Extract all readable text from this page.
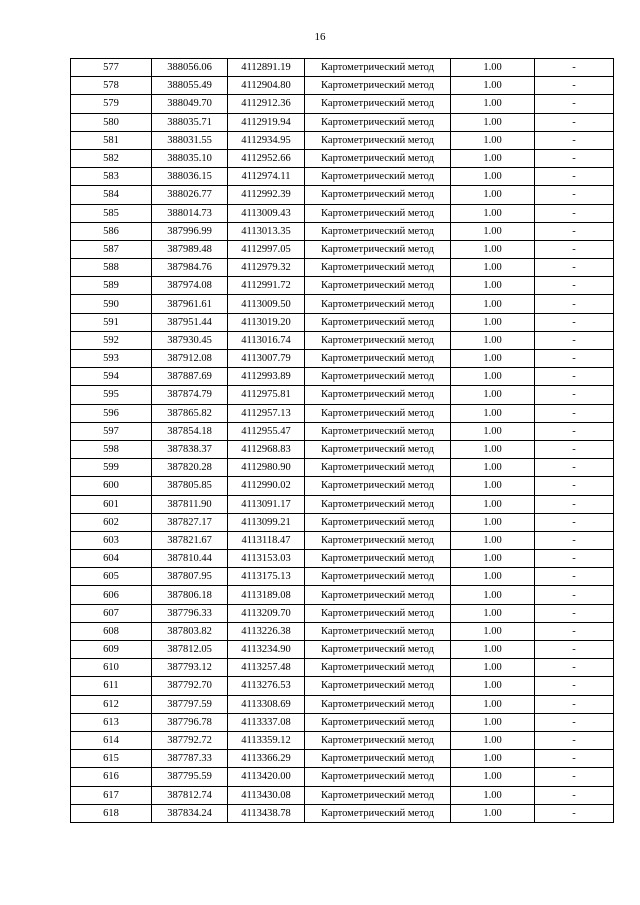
16
577	388056.06	4112891.19	Картометрический метод	1.00	-
578	388055.49	4112904.80	Картометрический метод	1.00	-
579	388049.70	4112912.36	Картометрический метод	1.00	-
580	388035.71	4112919.94	Картометрический метод	1.00	-
581	388031.55	4112934.95	Картометрический метод	1.00	-
582	388035.10	4112952.66	Картометрический метод	1.00	-
583	388036.15	4112974.11	Картометрический метод	1.00	-
584	388026.77	4112992.39	Картометрический метод	1.00	-
585	388014.73	4113009.43	Картометрический метод	1.00	-
586	387996.99	4113013.35	Картометрический метод	1.00	-
587	387989.48	4112997.05	Картометрический метод	1.00	-
588	387984.76	4112979.32	Картометрический метод	1.00	-
589	387974.08	4112991.72	Картометрический метод	1.00	-
590	387961.61	4113009.50	Картометрический метод	1.00	-
591	387951.44	4113019.20	Картометрический метод	1.00	-
592	387930.45	4113016.74	Картометрический метод	1.00	-
593	387912.08	4113007.79	Картометрический метод	1.00	-
594	387887.69	4112993.89	Картометрический метод	1.00	-
595	387874.79	4112975.81	Картометрический метод	1.00	-
596	387865.82	4112957.13	Картометрический метод	1.00	-
597	387854.18	4112955.47	Картометрический метод	1.00	-
598	387838.37	4112968.83	Картометрический метод	1.00	-
599	387820.28	4112980.90	Картометрический метод	1.00	-
600	387805.85	4112990.02	Картометрический метод	1.00	-
601	387811.90	4113091.17	Картометрический метод	1.00	-
602	387827.17	4113099.21	Картометрический метод	1.00	-
603	387821.67	4113118.47	Картометрический метод	1.00	-
604	387810.44	4113153.03	Картометрический метод	1.00	-
605	387807.95	4113175.13	Картометрический метод	1.00	-
606	387806.18	4113189.08	Картометрический метод	1.00	-
607	387796.33	4113209.70	Картометрический метод	1.00	-
608	387803.82	4113226.38	Картометрический метод	1.00	-
609	387812.05	4113234.90	Картометрический метод	1.00	-
610	387793.12	4113257.48	Картометрический метод	1.00	-
611	387792.70	4113276.53	Картометрический метод	1.00	-
612	387797.59	4113308.69	Картометрический метод	1.00	-
613	387796.78	4113337.08	Картометрический метод	1.00	-
614	387792.72	4113359.12	Картометрический метод	1.00	-
615	387787.33	4113366.29	Картометрический метод	1.00	-
616	387795.59	4113420.00	Картометрический метод	1.00	-
617	387812.74	4113430.08	Картометрический метод	1.00	-
618	387834.24	4113438.78	Картометрический метод	1.00	-
